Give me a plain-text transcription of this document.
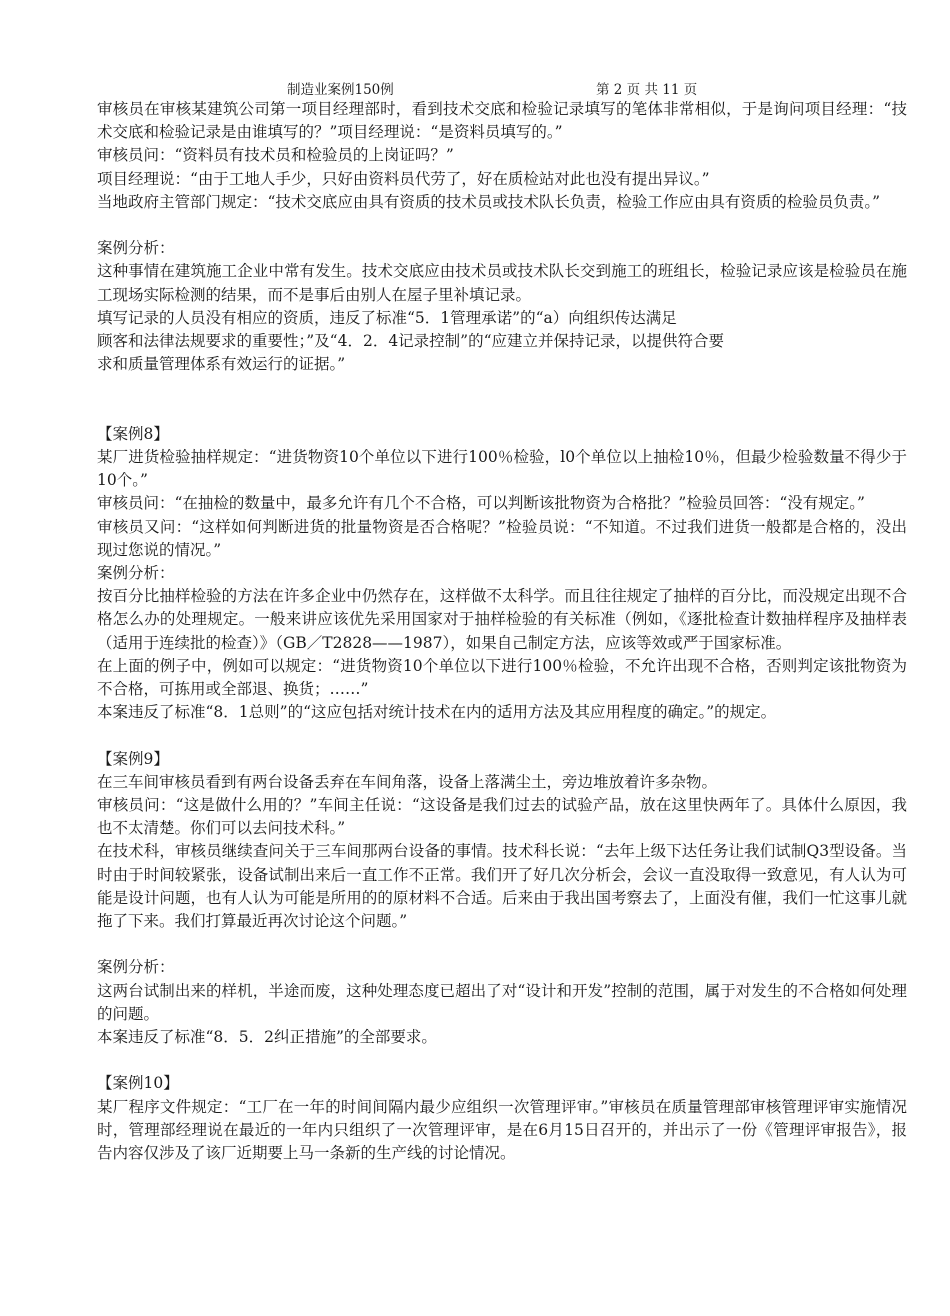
制造业案例150例	第 2 页 共 11 页

审核员在审核某建筑公司第一项目经理部时，看到技术交底和检验记录填写的笔体非常相似，于是询问项目经理：“技术交底和检验记录是由谁填写的？”项目经理说：“是资料员填写的。”

审核员问：“资料员有技术员和检验员的上岗证吗？”

项目经理说：“由于工地人手少，只好由资料员代劳了，好在质检站对此也没有提出异议。”

当地政府主管部门规定：“技术交底应由具有资质的技术员或技术队长负责，检验工作应由具有资质的检验员负责。”

案例分析：

这种事情在建筑施工企业中常有发生。技术交底应由技术员或技术队长交到施工的班组长，检验记录应该是检验员在施工现场实际检测的结果，而不是事后由别人在屋子里补填记录。

填写记录的人员没有相应的资质，违反了标准“5．1管理承诺”的“a）向组织传达满足

顾客和法律法规要求的重要性；”及“4．2．4记录控制”的“应建立并保持记录，以提供符合要

求和质量管理体系有效运行的证据。”

【案例8】

某厂进货检验抽样规定：“进货物资10个单位以下进行100％检验，l0个单位以上抽检10％，但最少检验数量不得少于10个。”

审核员问：“在抽检的数量中，最多允许有几个不合格，可以判断该批物资为合格批？”检验员回答：“没有规定。”

审核员又问：“这样如何判断进货的批量物资是否合格呢？”检验员说：“不知道。不过我们进货一般都是合格的，没出现过您说的情况。”

案例分析：

按百分比抽样检验的方法在许多企业中仍然存在，这样做不太科学。而且往往规定了抽样的百分比，而没规定出现不合格怎么办的处理规定。一般来讲应该优先采用国家对于抽样检验的有关标准（例如，《逐批检查计数抽样程序及抽样表（适用于连续批的检查）》（GB／T2828——1987），如果自己制定方法，应该等效或严于国家标准。

在上面的例子中，例如可以规定：“进货物资10个单位以下进行100％检验，不允许出现不合格，否则判定该批物资为不合格，可拣用或全部退、换货；……”

本案违反了标准“8．1总则”的“这应包括对统计技术在内的适用方法及其应用程度的确定。”的规定。

【案例9】

在三车间审核员看到有两台设备丢弃在车间角落，设备上落满尘土，旁边堆放着许多杂物。

审核员问：“这是做什么用的？”车间主任说：“这设备是我们过去的试验产品，放在这里快两年了。具体什么原因，我也不太清楚。你们可以去问技术科。”

在技术科，审核员继续查问关于三车间那两台设备的事情。技术科长说：“去年上级下达任务让我们试制Q3型设备。当时由于时间较紧张，设备试制出来后一直工作不正常。我们开了好几次分析会，会议一直没取得一致意见，有人认为可能是设计问题，也有人认为可能是所用的的原材料不合适。后来由于我出国考察去了，上面没有催，我们一忙这事儿就拖了下来。我们打算最近再次讨论这个问题。”

案例分析：

这两台试制出来的样机，半途而废，这种处理态度已超出了对“设计和开发”控制的范围，属于对发生的不合格如何处理的问题。

本案违反了标准“8．5．2纠正措施”的全部要求。

【案例10】

某厂程序文件规定：“工厂在一年的时间间隔内最少应组织一次管理评审。”审核员在质量管理部审核管理评审实施情况时，管理部经理说在最近的一年内只组织了一次管理评审，是在6月15日召开的，并出示了一份《管理评审报告》，报告内容仅涉及了该厂近期要上马一条新的生产线的讨论情况。
